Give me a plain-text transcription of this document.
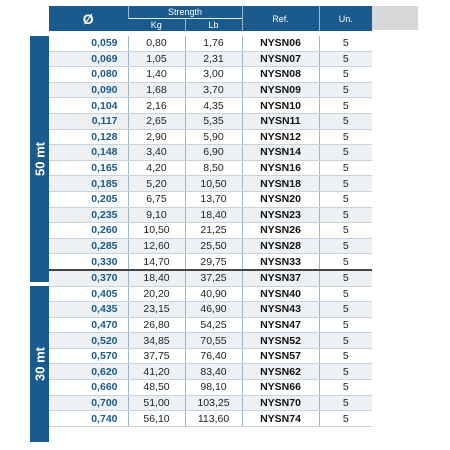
50 mt
30 mt
Ø	Strength		Ref.	Un.
	Kg	Lb		
0,059	0,80	1,76	NYSN06	5
0,069	1,05	2,31	NYSN07	5
0,080	1,40	3,00	NYSN08	5
0,090	1,68	3,70	NYSN09	5
0,104	2,16	4,35	NYSN10	5
0,117	2,65	5,35	NYSN11	5
0,128	2,90	5,90	NYSN12	5
0,148	3,40	6,90	NYSN14	5
0,165	4,20	8,50	NYSN16	5
0,185	5,20	10,50	NYSN18	5
0,205	6,75	13,70	NYSN20	5
0,235	9,10	18,40	NYSN23	5
0,260	10,50	21,25	NYSN26	5
0,285	12,60	25,50	NYSN28	5
0,330	14,70	29,75	NYSN33	5
0,370	18,40	37,25	NYSN37	5
0,405	20,20	40,90	NYSN40	5
0,435	23,15	46,90	NYSN43	5
0,470	26,80	54,25	NYSN47	5
0,520	34,85	70,55	NYSN52	5
0,570	37,75	76,40	NYSN57	5
0,620	41,20	83,40	NYSN62	5
0,660	48,50	98,10	NYSN66	5
0,700	51,00	103,25	NYSN70	5
0,740	56,10	113,60	NYSN74	5
